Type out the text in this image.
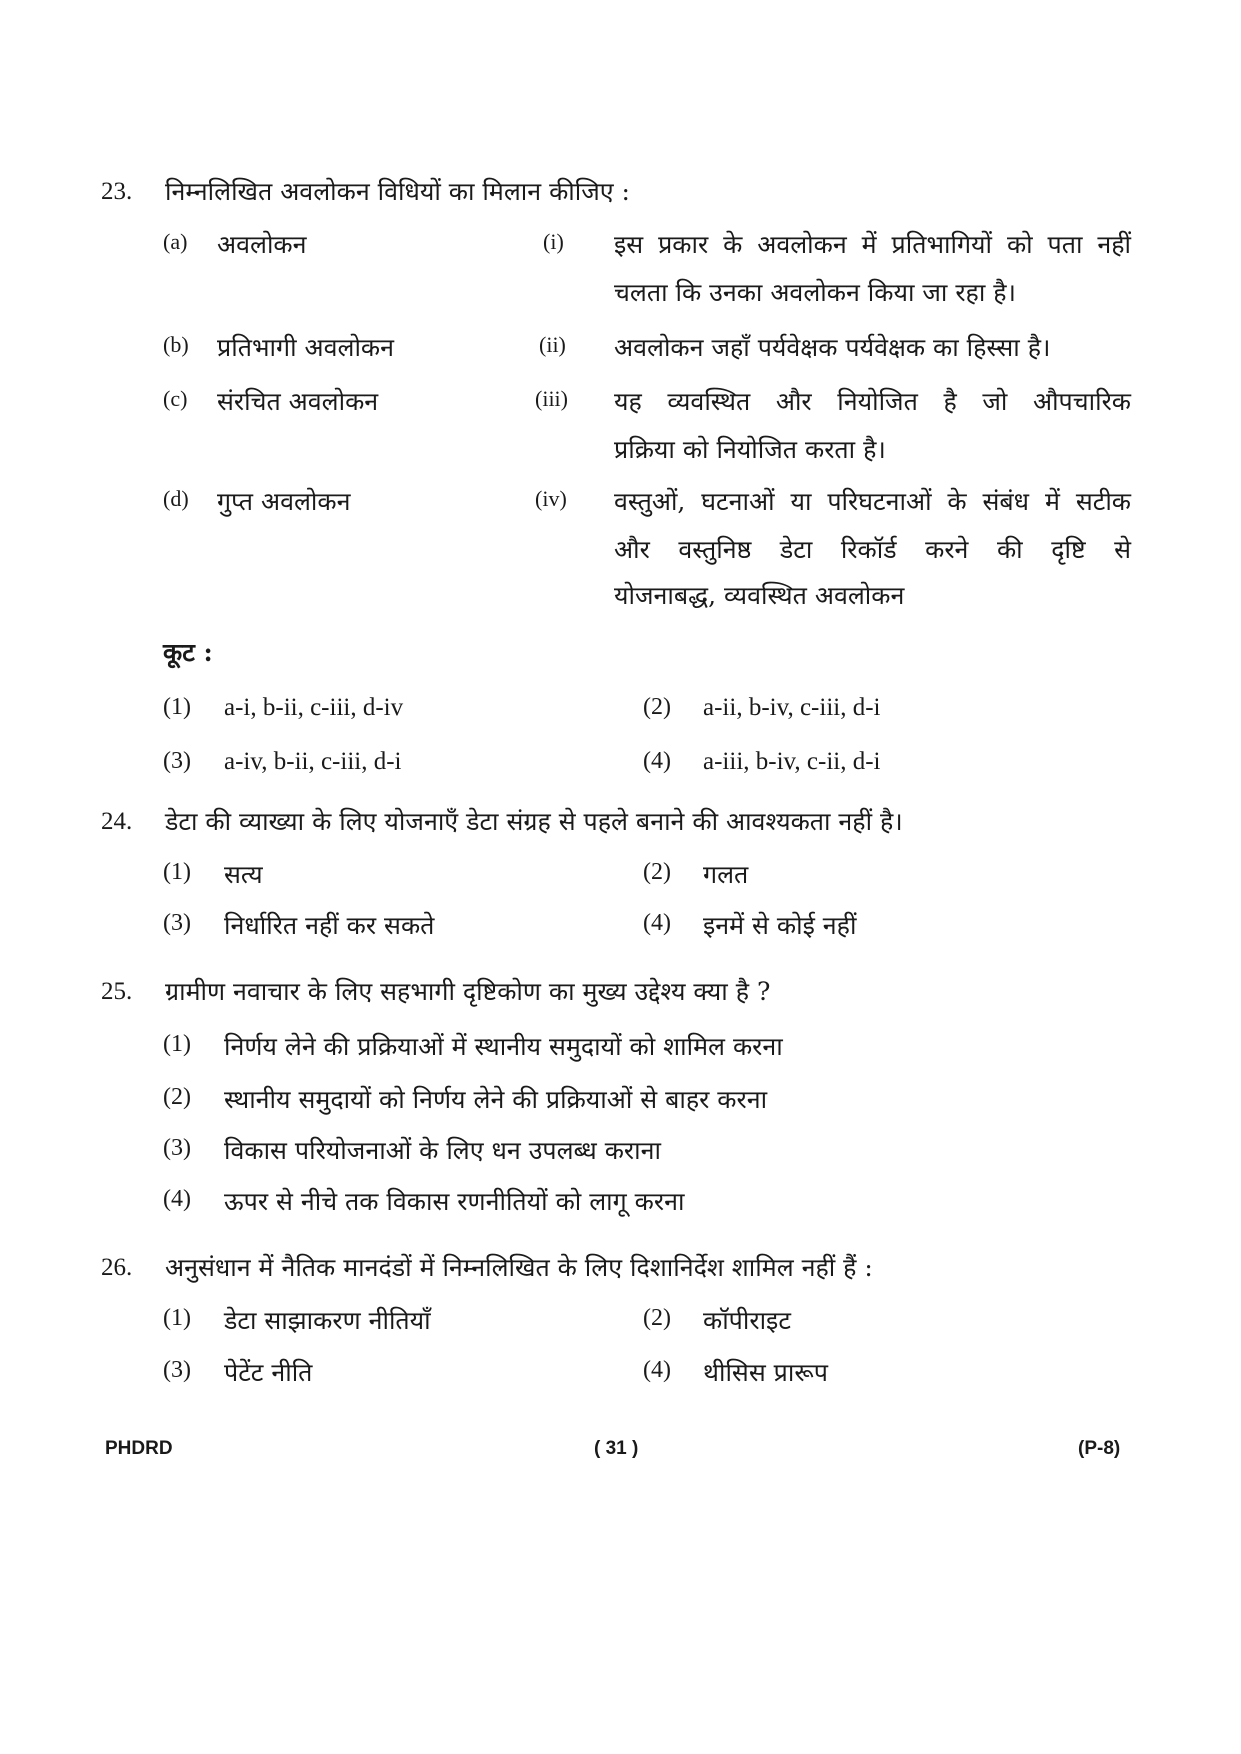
23. निम्नलिखित अवलोकन विधियों का मिलान कीजिए :
(a) अवलोकन	(i) इस प्रकार के अवलोकन में प्रतिभागियों को पता नहीं
चलता कि उनका अवलोकन किया जा रहा है।
(b) प्रतिभागी अवलोकन	(ii) अवलोकन जहाँ पर्यवेक्षक पर्यवेक्षक का हिस्सा है।
(c) संरचित अवलोकन	(iii) यह व्यवस्थित और नियोजित है जो औपचारिक
प्रक्रिया को नियोजित करता है।
(d) गुप्त अवलोकन	(iv) वस्तुओं, घटनाओं या परिघटनाओं के संबंध में सटीक
और वस्तुनिष्ठ डेटा रिकॉर्ड करने की दृष्टि से
योजनाबद्ध, व्यवस्थित अवलोकन
कूट :
(1) a-i, b-ii, c-iii, d-iv	(2) a-ii, b-iv, c-iii, d-i
(3) a-iv, b-ii, c-iii, d-i	(4) a-iii, b-iv, c-ii, d-i
24. डेटा की व्याख्या के लिए योजनाएँ डेटा संग्रह से पहले बनाने की आवश्यकता नहीं है।
(1) सत्य	(2) गलत
(3) निर्धारित नहीं कर सकते	(4) इनमें से कोई नहीं
25. ग्रामीण नवाचार के लिए सहभागी दृष्टिकोण का मुख्य उद्देश्य क्या है ?
(1) निर्णय लेने की प्रक्रियाओं में स्थानीय समुदायों को शामिल करना
(2) स्थानीय समुदायों को निर्णय लेने की प्रक्रियाओं से बाहर करना
(3) विकास परियोजनाओं के लिए धन उपलब्ध कराना
(4) ऊपर से नीचे तक विकास रणनीतियों को लागू करना
26. अनुसंधान में नैतिक मानदंडों में निम्नलिखित के लिए दिशानिर्देश शामिल नहीं हैं :
(1) डेटा साझाकरण नीतियाँ	(2) कॉपीराइट
(3) पेटेंट नीति	(4) थीसिस प्रारूप
PHDRD	( 31 )	(P-8)
